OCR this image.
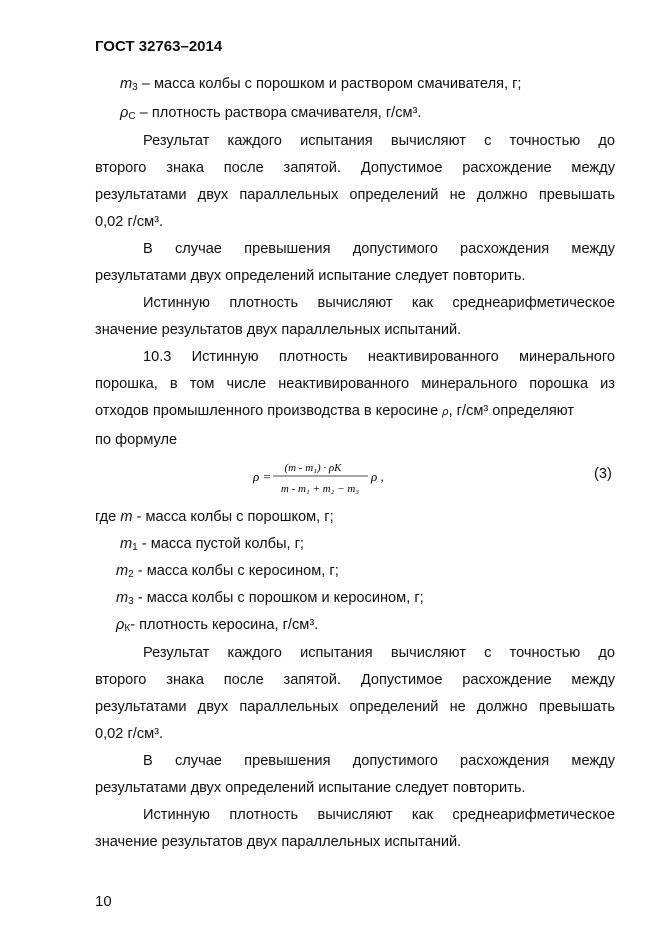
ГОСТ 32763–2014
$m_3$ – масса колбы с порошком и раствором смачивателя, г;
$\rho_С$ – плотность раствора смачивателя, г/см³.
Результат каждого испытания вычисляют с точностью до
второго знака после запятой. Допустимое расхождение между
результатами двух параллельных определений не должно превышать
0,02 г/см³.
В случае превышения допустимого расхождения между
результатами двух определений испытание следует повторить.
Истинную плотность вычисляют как среднеарифметическое
значение результатов двух параллельных испытаний.
10.3 Истинную плотность неактивированного минерального
порошка, в том числе неактивированного минерального порошка из
отходов промышленного производства в керосине ρ, г/см³ определяют
по формуле
ρ =
(m - m₁) · ρK
m - m₁ + m₂ − m₃
ρ ,	(3)
где m - масса колбы с порошком, г;
$m_1$ - масса пустой колбы, г;
$m_2$ - масса колбы с керосином, г;
$m_3$ - масса колбы с порошком и керосином, г;
$\rho_К-$ плотность керосина, г/см³.
Результат каждого испытания вычисляют с точностью до
второго знака после запятой. Допустимое расхождение между
результатами двух параллельных определений не должно превышать
0,02 г/см³.
В случае превышения допустимого расхождения между
результатами двух определений испытание следует повторить.
Истинную плотность вычисляют как среднеарифметическое
значение результатов двух параллельных испытаний.
10
